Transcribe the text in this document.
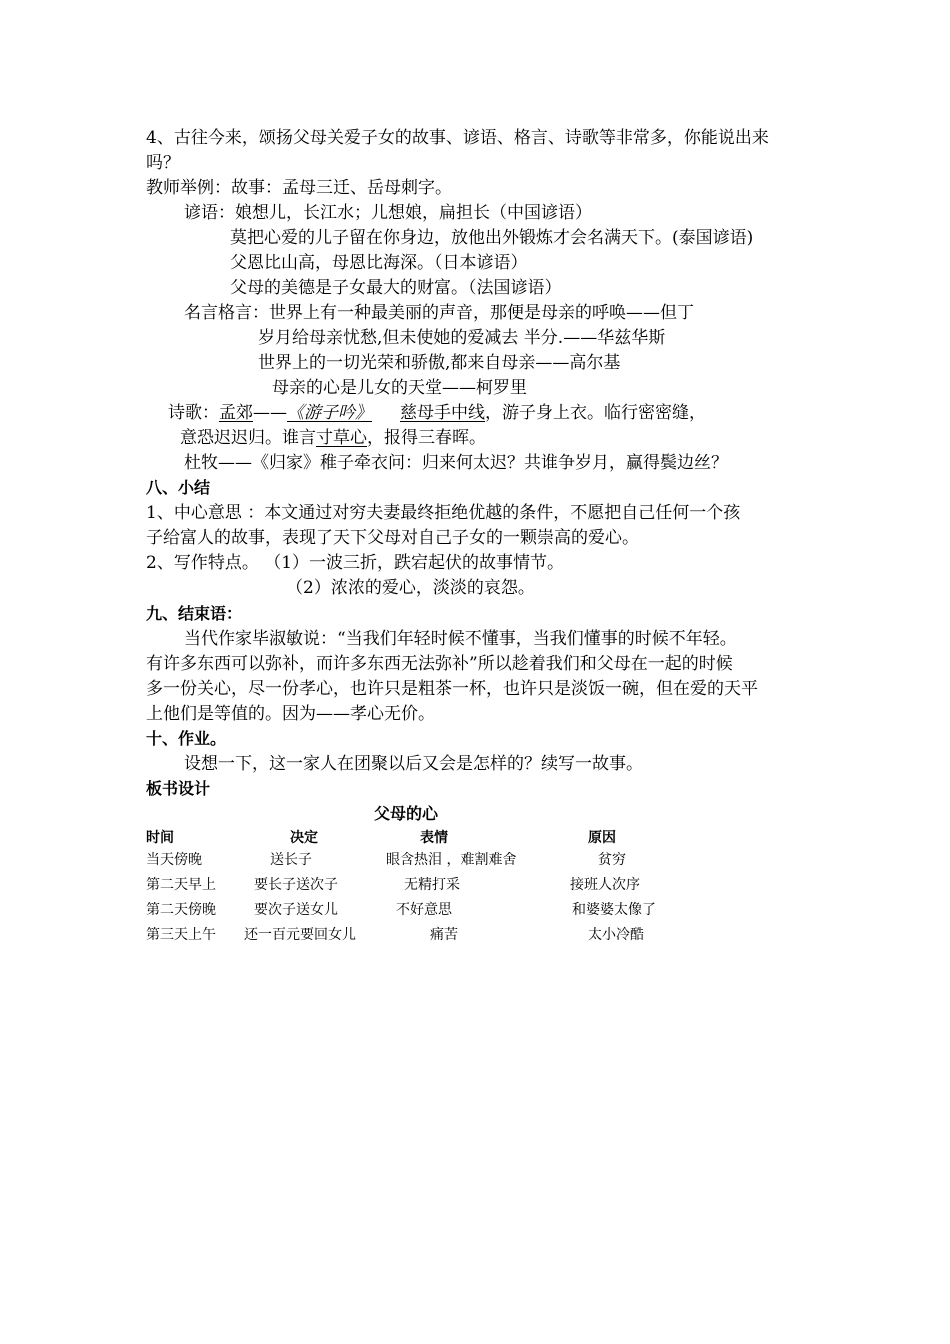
4、古往今来，颂扬父母关爱子女的故事、谚语、格言、诗歌等非常多，你能说出来
吗？
教师举例：故事：孟母三迁、岳母刺字。
谚语：娘想儿，长江水；儿想娘，扁担长（中国谚语）
莫把心爱的儿子留在你身边，放他出外锻炼才会名满天下。(泰国谚语)
父恩比山高，母恩比海深。（日本谚语）
父母的美德是子女最大的财富。（法国谚语）
名言格言：世界上有一种最美丽的声音，那便是母亲的呼唤——但丁
岁月给母亲忧愁,但未使她的爱减去 半分.——华兹华斯
世界上的一切光荣和骄傲,都来自母亲——高尔基
母亲的心是儿女的天堂——柯罗里
诗歌：孟郊——《游子吟》 慈母手中线，游子身上衣。临行密密缝，
意恐迟迟归。谁言寸草心，报得三春晖。
杜牧——《归家》稚子牵衣问：归来何太迟？共谁争岁月，赢得鬓边丝？
八、小结
1、中心意思 ：本文通过对穷夫妻最终拒绝优越的条件，不愿把自己任何一个孩
子给富人的故事，表现了天下父母对自己子女的一颗崇高的爱心。
2、写作特点。 （1）一波三折，跌宕起伏的故事情节。
（2）浓浓的爱心，淡淡的哀怨。
九、结束语：
当代作家毕淑敏说：“当我们年轻时候不懂事，当我们懂事的时候不年轻。
有许多东西可以弥补，而许多东西无法弥补”所以趁着我们和父母在一起的时候
多一份关心，尽一份孝心，也许只是粗茶一杯，也许只是淡饭一碗，但在爱的天平
上他们是等值的。因为——孝心无价。
十、作业。
设想一下，这一家人在团聚以后又会是怎样的？续写一故事。
板书设计
父母的心
时间	决定	表情	原因
当天傍晚	送长子	眼含热泪 ，难割难舍	贫穷
第二天早上	要长子送次子	无精打采	接班人次序
第二天傍晚	要次子送女儿	不好意思	和婆婆太像了
第三天上午 还一百元要回女儿	痛苦	太小冷酷
